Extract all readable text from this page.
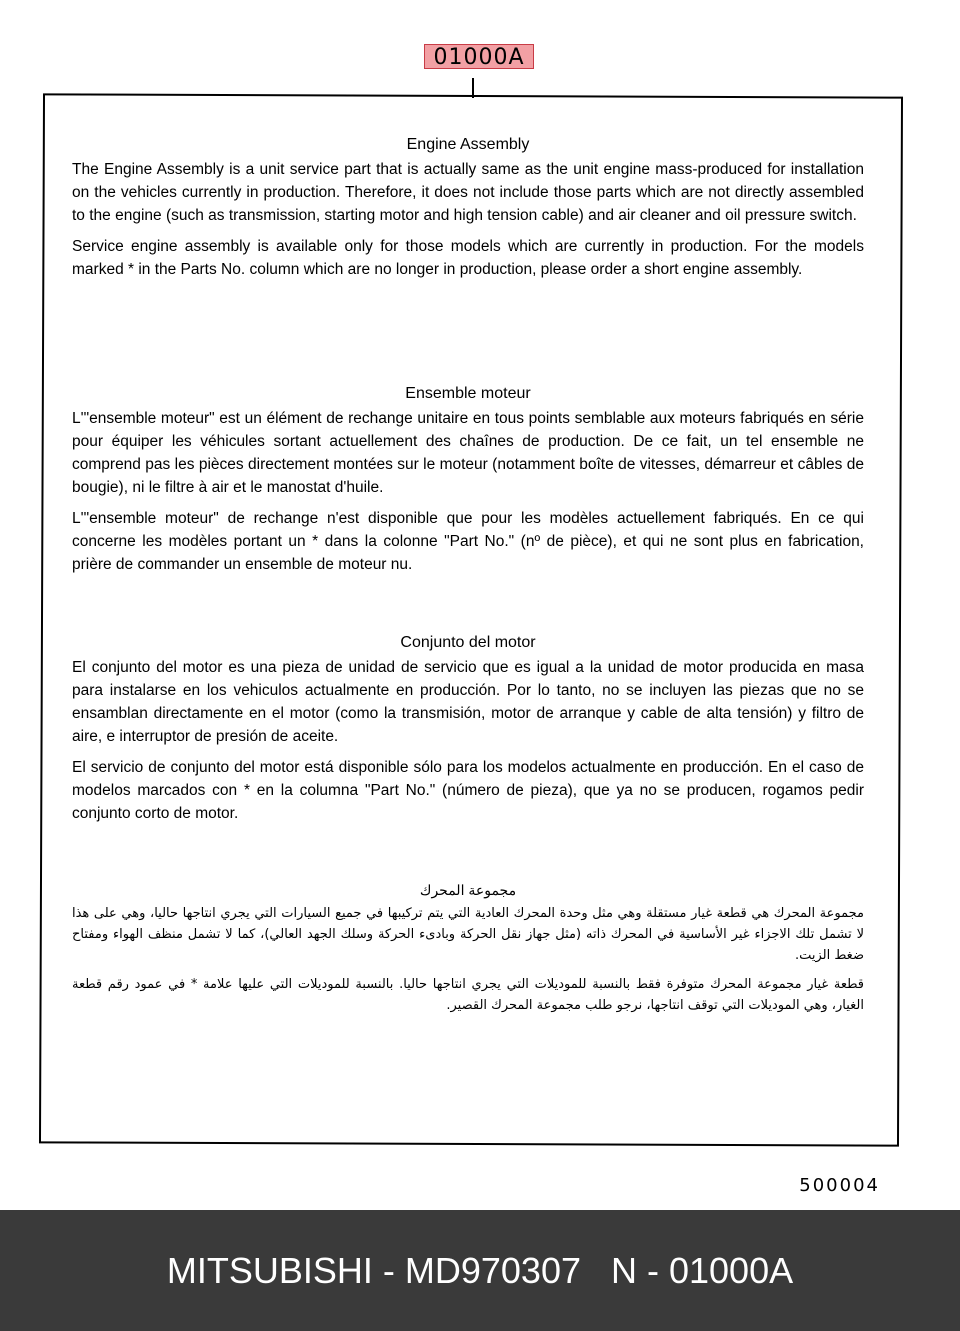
01000A
Engine Assembly

The Engine Assembly is a unit service part that is actually same as the unit engine mass-produced for installation on the vehicles currently in production. Therefore, it does not include those parts which are not directly assembled to the engine (such as transmission, starting motor and high tension cable) and air cleaner and oil pressure switch.

Service engine assembly is available only for those models which are currently in production. For the models marked * in the Parts No. column which are no longer in production, please order a short engine assembly.

Ensemble moteur

L'"ensemble moteur" est un élément de rechange unitaire en tous points semblable aux moteurs fabriqués en série pour équiper les véhicules sortant actuellement des chaînes de production. De ce fait, un tel ensemble ne comprend pas les pièces directement montées sur le moteur (notamment boîte de vitesses, démarreur et câbles de bougie), ni le filtre à air et le manostat d'huile.

L'"ensemble moteur" de rechange n'est disponible que pour les modèles actuellement fabriqués. En ce qui concerne les modèles portant un * dans la colonne "Part No." (nº de pièce), et qui ne sont plus en fabrication, prière de commander un ensemble de moteur nu.

Conjunto del motor

El conjunto del motor es una pieza de unidad de servicio que es igual a la unidad de motor producida en masa para instalarse en los vehiculos actualmente en producción. Por lo tanto, no se incluyen las piezas que no se ensamblan directamente en el motor (como la transmisión, motor de arranque y cable de alta tensión) y filtro de aire, e interruptor de presión de aceite.

El servicio de conjunto del motor está disponible sólo para los modelos actualmente en producción. En el caso de modelos marcados con * en la columna "Part No." (número de pieza), que ya no se producen, rogamos pedir conjunto corto de motor.

مجموعة المحرك

مجموعة المحرك هي قطعة غيار مستقلة وهي مثل وحدة المحرك العادية التي يتم تركيبها في جميع السيارات التي يجري انتاجها حاليا، وهي على هذا لا تشمل تلك الاجزاء غير الأساسية في المحرك ذاته (مثل جهاز نقل الحركة وبادىء الحركة وسلك الجهد العالي)، كما لا تشمل منظف الهواء ومفتاح ضغط الزيت.

قطعة غيار مجموعة المحرك متوفرة فقط بالنسبة للموديلات التي يجري انتاجها حاليا. بالنسبة للموديلات التي عليها علامة * في عمود رقم قطعة الغيار، وهي الموديلات التي توقف انتاجها، نرجو طلب مجموعة المحرك القصير.

500004
MITSUBISHI - MD970307   N - 01000A
